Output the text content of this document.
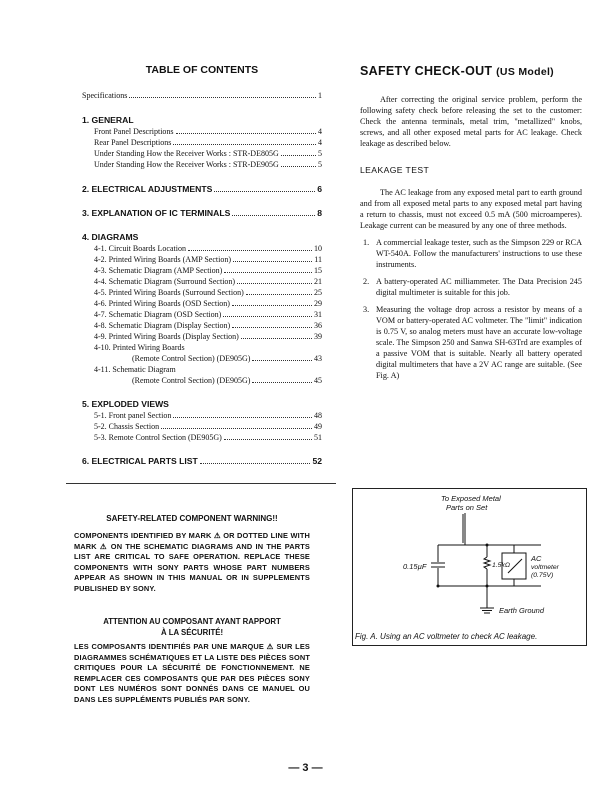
TABLE OF CONTENTS
Specifications	1
1. GENERAL
Front Panel Descriptions	4
Rear Panel Descriptions	4
Under Standing How the Receiver Works : STR-DE805G	5
Under Standing How the Receiver Works : STR-DE905G	5
2. ELECTRICAL ADJUSTMENTS	6
3. EXPLANATION OF IC TERMINALS	8
4. DIAGRAMS
4-1. Circuit Boards Location	10
4-2. Printed Wiring Boards (AMP Section)	11
4-3. Schematic Diagram (AMP Section)	15
4-4. Schematic Diagram (Surround Section)	21
4-5. Printed Wiring Boards (Surround Section)	25
4-6. Printed Wiring Boards (OSD Section)	29
4-7. Schematic Diagram (OSD Section)	31
4-8. Schematic Diagram (Display Section)	36
4-9. Printed Wiring Boards (Display Section)	39
4-10. Printed Wiring Boards
(Remote Control Section) (DE905G)	43
4-11. Schematic Diagram
(Remote Control Section) (DE905G)	45
5. EXPLODED VIEWS
5-1. Front panel Section	48
5-2. Chassis Section	49
5-3. Remote Control Section (DE905G)	51
6. ELECTRICAL PARTS LIST	52
SAFETY CHECK-OUT (US Model)

After correcting the original service problem, perform the following safety check before releasing the set to the customer: Check the antenna terminals, metal trim, "metallized" knobs, screws, and all other exposed metal parts for AC leakage. Check leakage as described below.

LEAKAGE TEST

The AC leakage from any exposed metal part to earth ground and from all exposed metal parts to any exposed metal part having a return to chassis, must not exceed 0.5 mA (500 microamperes). Leakage current can be measured by any one of three methods.

1. A commercial leakage tester, such as the Simpson 229 or RCA WT-540A. Follow the manufacturers' instructions to use these instruments.
2. A battery-operated AC milliammeter. The Data Precision 245 digital multimeter is suitable for this job.
3. Measuring the voltage drop across a resistor by means of a VOM or battery-operated AC voltmeter. The "limit" indication is 0.75 V, so analog meters must have an accurate low-voltage scale. The Simpson 250 and Sanwa SH-63Trd are examples of a passive VOM that is suitable. Nearly all battery operated digital multimeters that have a 2V AC range are suitable. (See Fig. A)
SAFETY-RELATED COMPONENT WARNING!!
COMPONENTS IDENTIFIED BY MARK ⚠ OR DOTTED LINE WITH MARK ⚠ ON THE SCHEMATIC DIAGRAMS AND IN THE PARTS LIST ARE CRITICAL TO SAFE OPERATION. REPLACE THESE COMPONENTS WITH SONY PARTS WHOSE PART NUMBERS APPEAR AS SHOWN IN THIS MANUAL OR IN SUPPLEMENTS PUBLISHED BY SONY.
ATTENTION AU COMPOSANT AYANT RAPPORT
À LA SÉCURITÉ!
LES COMPOSANTS IDENTIFIÉS PAR UNE MARQUE ⚠ SUR LES DIAGRAMMES SCHÉMATIQUES ET LA LISTE DES PIÈCES SONT CRITIQUES POUR LA SÉCURITÉ DE FONCTIONNEMENT. NE REMPLACER CES COMPOSANTS QUE PAR DES PIÈCES SONY DONT LES NUMÉROS SONT DONNÉS DANS CE MANUEL OU DANS LES SUPPLÉMENTS PUBLIÉS PAR SONY.
To Exposed Metal
Parts on Set
0.15µF	1.5kΩ
AC
voltmeter
(0.75V)
Earth Ground
Fig. A. Using an AC voltmeter to check AC leakage.
— 3 —
